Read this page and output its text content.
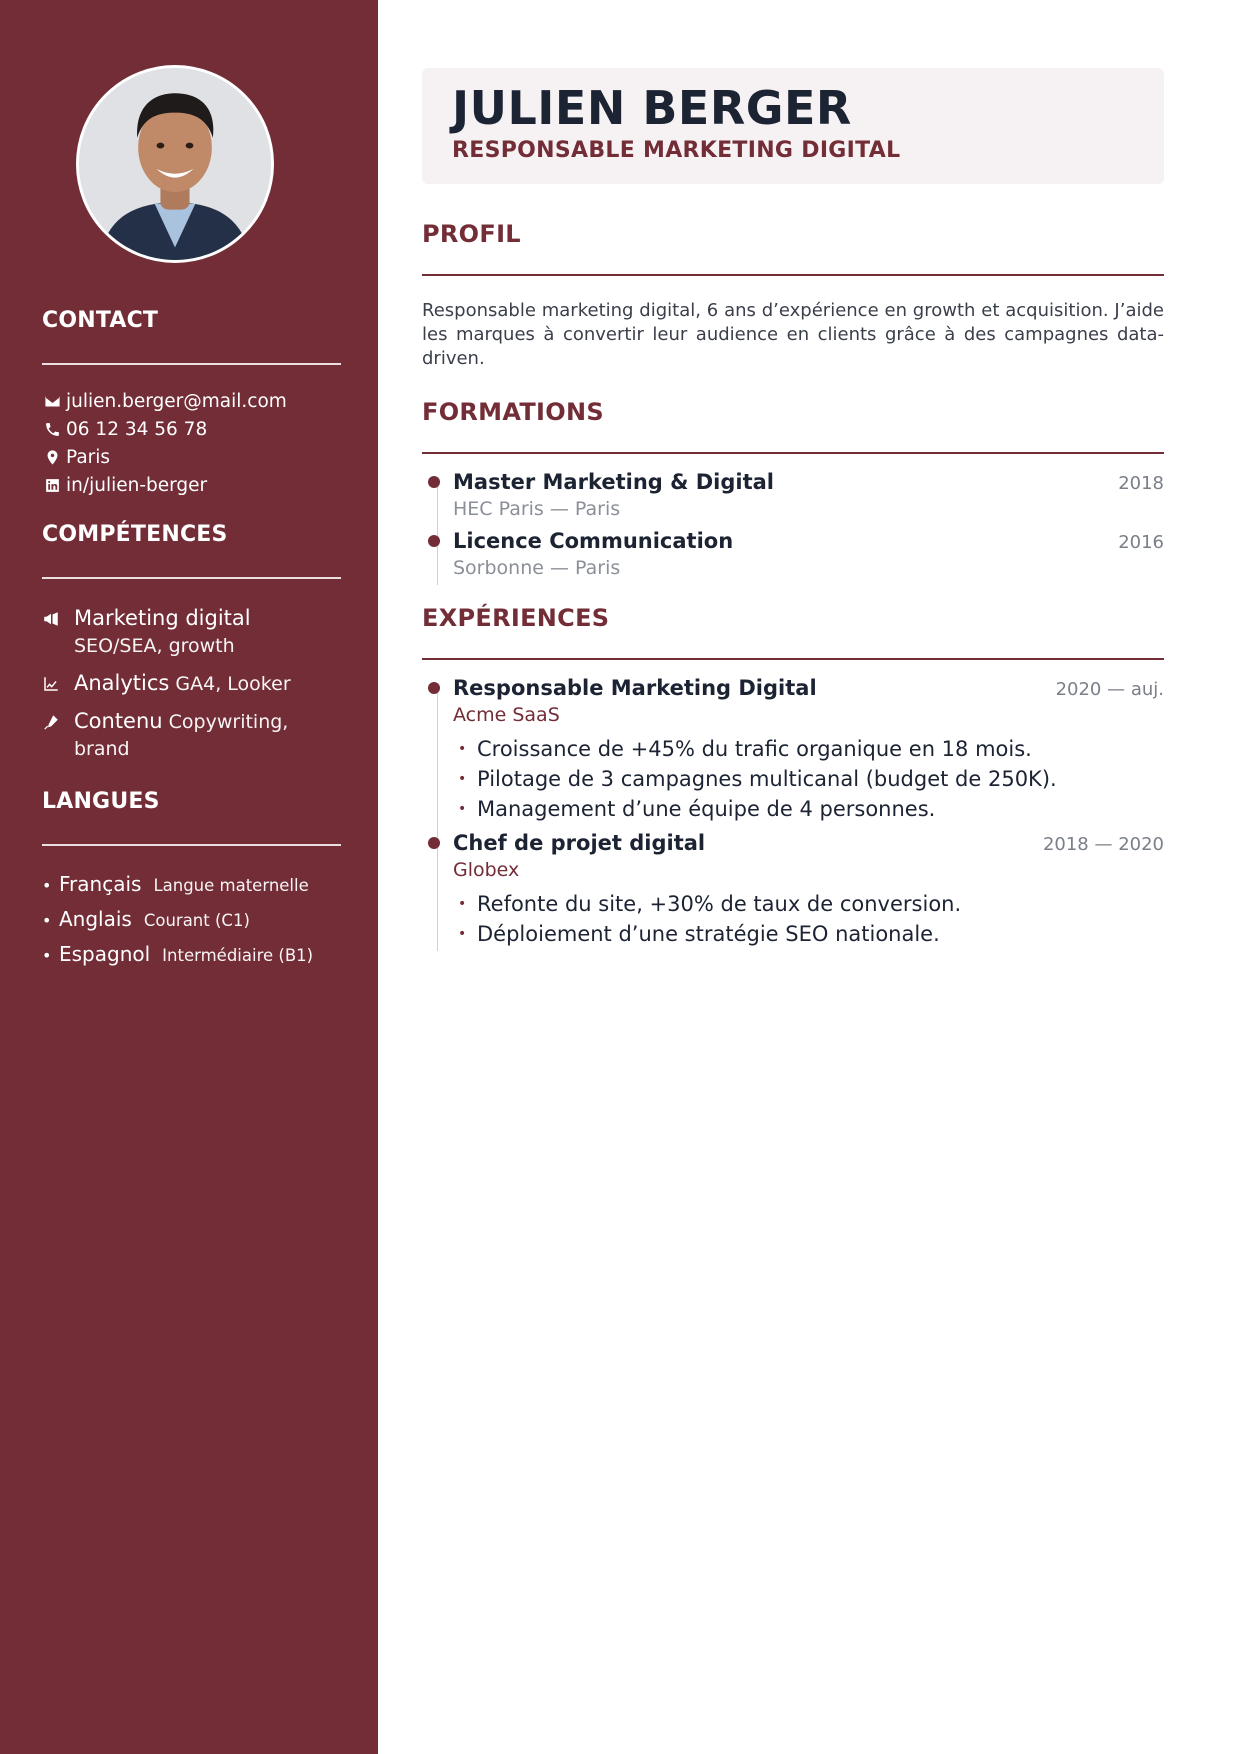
CONTACT
julien.berger@mail.com
06 12 34 56 78
Paris
in/julien-berger
COMPÉTENCES
Marketing digital
SEO/SEA, growth
Analytics GA4, Looker
Contenu Copywriting, brand
LANGUES
• Français Langue maternelle
• Anglais Courant (C1)
• Espagnol Intermédiaire (B1)
JULIEN BERGER
RESPONSABLE MARKETING DIGITAL
PROFIL
Responsable marketing digital, 6 ans d’expérience en growth et acquisition. J’aide les marques à convertir leur audience en clients grâce à des campagnes data-driven.
FORMATIONS
Master Marketing & Digital	2018
HEC Paris — Paris
Licence Communication	2016
Sorbonne — Paris
EXPÉRIENCES
Responsable Marketing Digital	2020 — auj.
Acme SaaS
• Croissance de +45% du trafic organique en 18 mois.
• Pilotage de 3 campagnes multicanal (budget de 250K).
• Management d’une équipe de 4 personnes.
Chef de projet digital	2018 — 2020
Globex
• Refonte du site, +30% de taux de conversion.
• Déploiement d’une stratégie SEO nationale.
